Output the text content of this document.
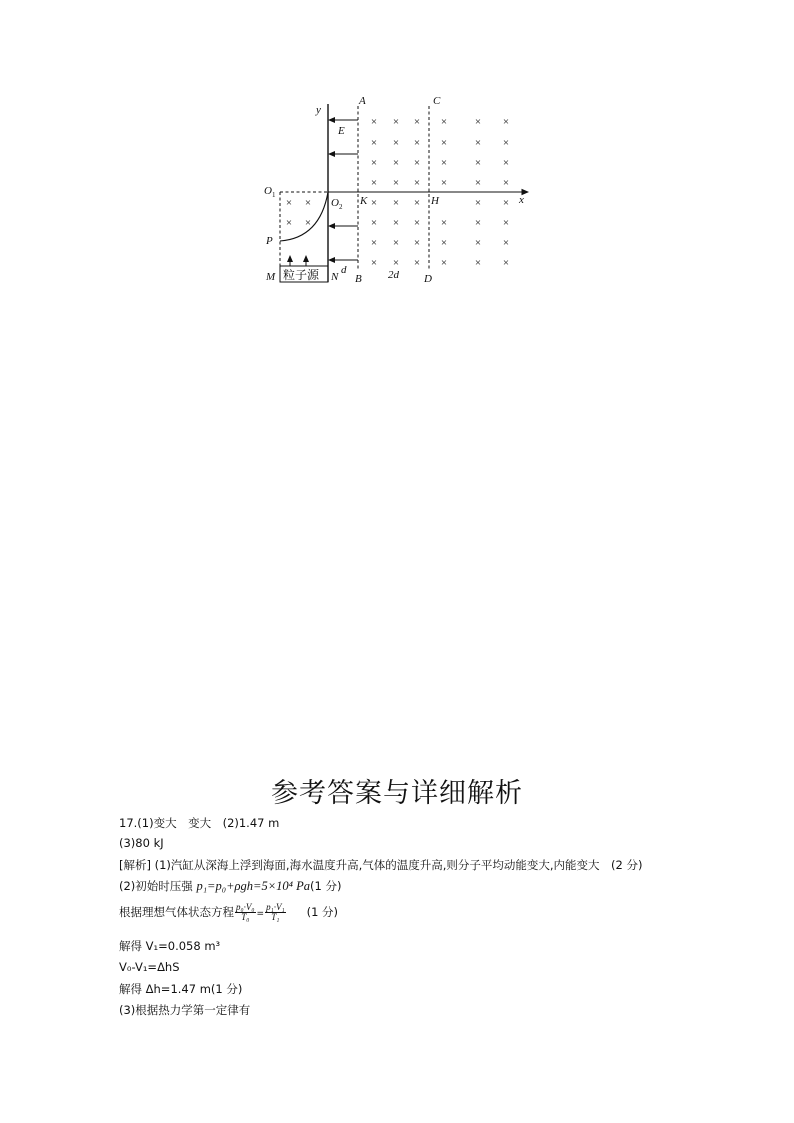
y
x
A	C
B	D
2d
d
E
O 1
O 2 K	H
P
粒子源
M	N
× × × ×	× ×
× × × ×	× ×
× × × ×	× ×
× × × ×	× ×
× × ×	× ×
× × × ×	× ×
× × × ×	× ×
× × × ×	× ×
× ×
× ×
参考答案与详细解析
17.(1)变大　变大　(2)1.47 m
(3)80 kJ
[解析] (1)汽缸从深海上浮到海面,海水温度升高,气体的温度升高,则分子平均动能变大,内能变大　(2 分)
(2)初始时压强 p₁=p₀+ρgh=5×10⁴ Pa(1 分)
根据理想气体状态方程 $\frac{\text{p₀·V₀}}{\text{T₀}} = \frac{\text{p₁·V₁}}{\text{T₁}} (1$ 分)
解得 V₁=0.058 m³
V₀-V₁=ΔhS
解得 Δh=1.47 m(1 分)
(3)根据热力学第一定律有
